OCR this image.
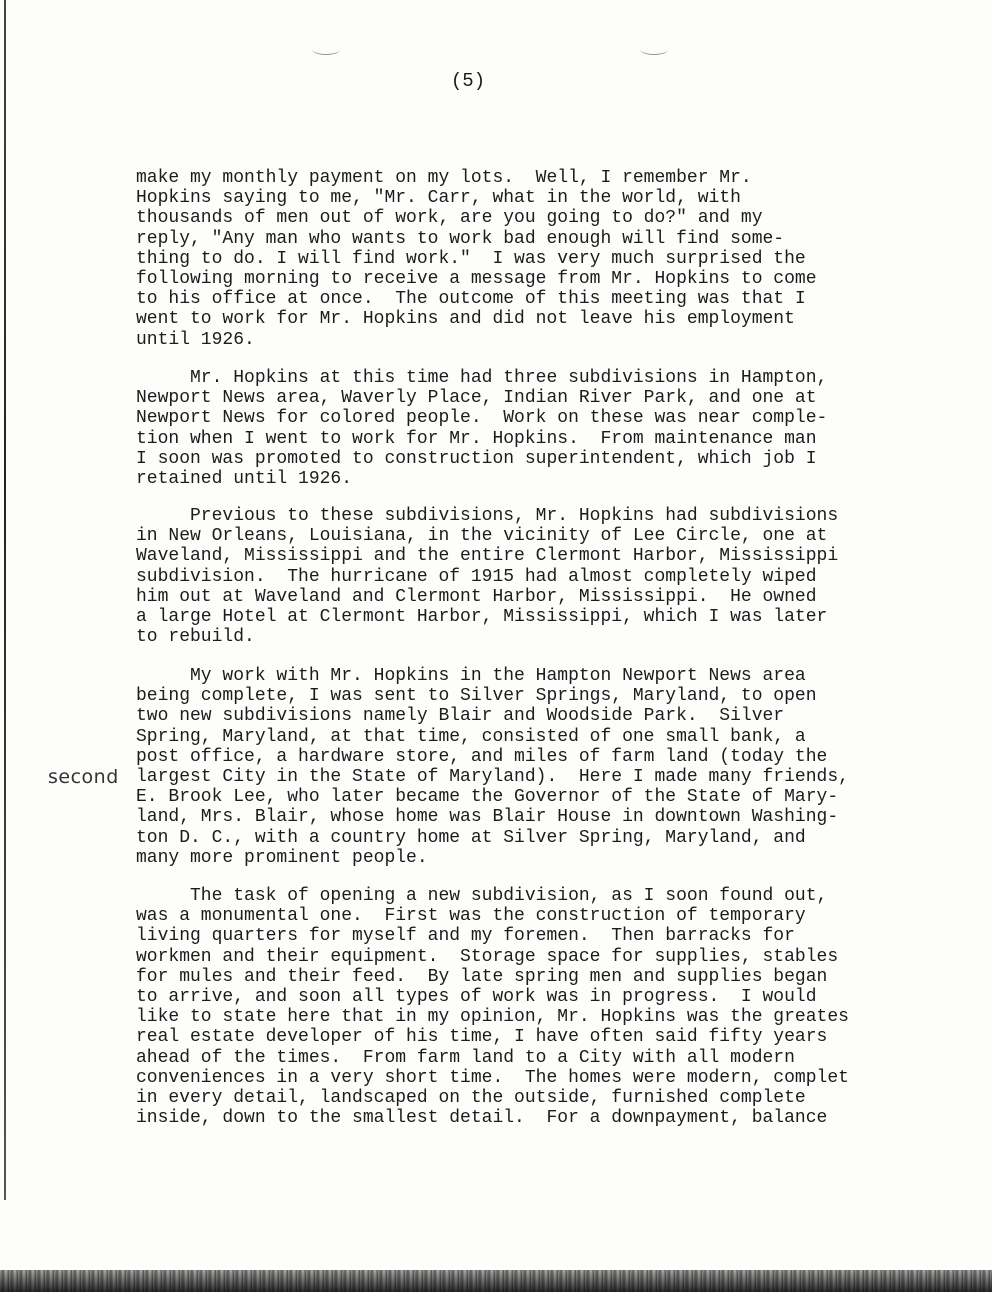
(5)
second
make my monthly payment on my lots.  Well, I remember Mr.
Hopkins saying to me, "Mr. Carr, what in the world, with
thousands of men out of work, are you going to do?" and my
reply, "Any man who wants to work bad enough will find some-
thing to do. I will find work."  I was very much surprised the
following morning to receive a message from Mr. Hopkins to come
to his office at once.  The outcome of this meeting was that I
went to work for Mr. Hopkins and did not leave his employment
until 1926.
Mr. Hopkins at this time had three subdivisions in Hampton,
Newport News area, Waverly Place, Indian River Park, and one at
Newport News for colored people.  Work on these was near comple-
tion when I went to work for Mr. Hopkins.  From maintenance man
I soon was promoted to construction superintendent, which job I
retained until 1926.
Previous to these subdivisions, Mr. Hopkins had subdivisions
in New Orleans, Louisiana, in the vicinity of Lee Circle, one at
Waveland, Mississippi and the entire Clermont Harbor, Mississippi
subdivision.  The hurricane of 1915 had almost completely wiped
him out at Waveland and Clermont Harbor, Mississippi.  He owned
a large Hotel at Clermont Harbor, Mississippi, which I was later
to rebuild.
My work with Mr. Hopkins in the Hampton Newport News area
being complete, I was sent to Silver Springs, Maryland, to open
two new subdivisions namely Blair and Woodside Park.  Silver
Spring, Maryland, at that time, consisted of one small bank, a
post office, a hardware store, and miles of farm land (today the
largest City in the State of Maryland).  Here I made many friends,
E. Brook Lee, who later became the Governor of the State of Mary-
land, Mrs. Blair, whose home was Blair House in downtown Washing-
ton D. C., with a country home at Silver Spring, Maryland, and
many more prominent people.
The task of opening a new subdivision, as I soon found out,
was a monumental one.  First was the construction of temporary
living quarters for myself and my foremen.  Then barracks for
workmen and their equipment.  Storage space for supplies, stables
for mules and their feed.  By late spring men and supplies began
to arrive, and soon all types of work was in progress.  I would
like to state here that in my opinion, Mr. Hopkins was the greates
real estate developer of his time, I have often said fifty years
ahead of the times.  From farm land to a City with all modern
conveniences in a very short time.  The homes were modern, complet
in every detail, landscaped on the outside, furnished complete
inside, down to the smallest detail.  For a downpayment, balance
